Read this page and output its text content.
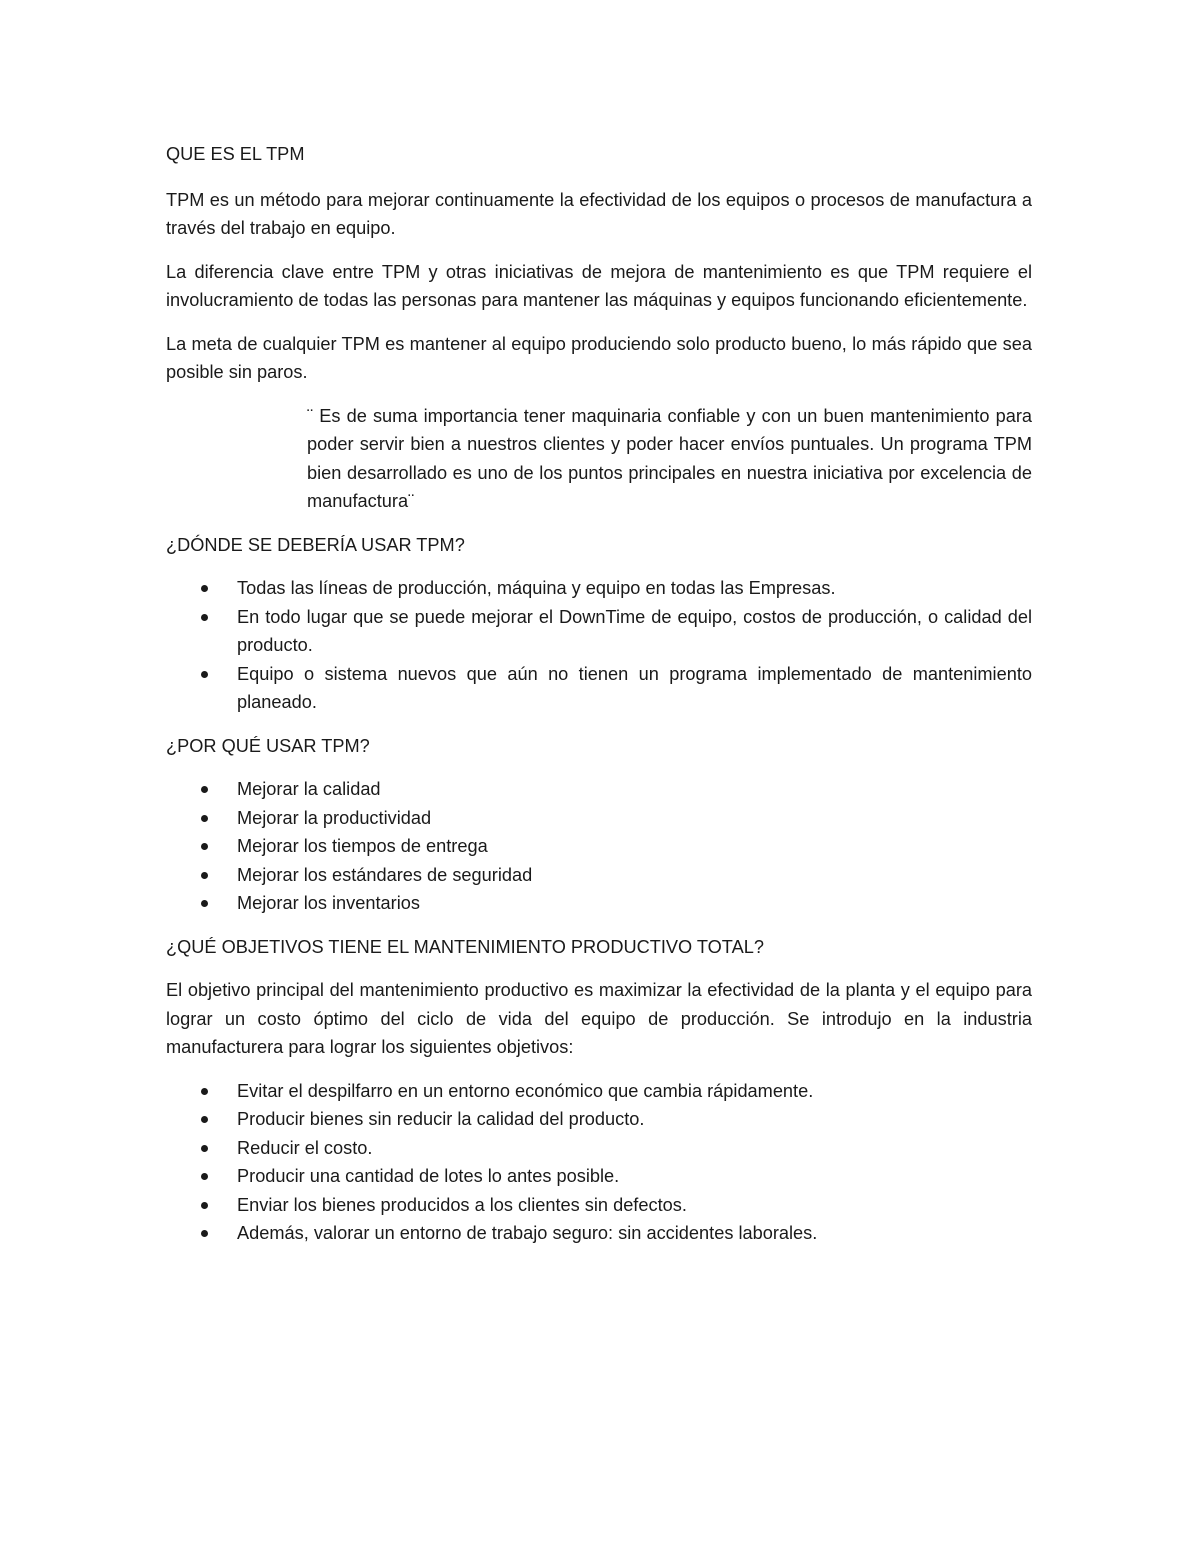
QUE ES EL TPM

TPM es un método para mejorar continuamente la efectividad de los equipos o procesos de manufactura a través del trabajo en equipo.

La diferencia clave entre TPM y otras iniciativas de mejora de mantenimiento es que TPM requiere el involucramiento de todas las personas para mantener las máquinas y equipos funcionando eficientemente.

La meta de cualquier TPM es mantener al equipo produciendo solo producto bueno, lo más rápido que sea posible sin paros.

¨ Es de suma importancia tener maquinaria confiable y con un buen mantenimiento para poder servir bien a nuestros clientes y poder hacer envíos puntuales. Un programa TPM bien desarrollado es uno de los puntos principales en nuestra iniciativa por excelencia de manufactura¨

¿DÓNDE SE DEBERÍA USAR TPM?
Todas las líneas de producción, máquina y equipo en todas las Empresas.
En todo lugar que se puede mejorar el DownTime de equipo, costos de producción, o calidad del producto.
Equipo o sistema nuevos que aún no tienen un programa implementado de mantenimiento planeado.
¿POR QUÉ USAR TPM?
Mejorar la calidad
Mejorar la productividad
Mejorar los tiempos de entrega
Mejorar los estándares de seguridad
Mejorar los inventarios
¿QUÉ OBJETIVOS TIENE EL MANTENIMIENTO PRODUCTIVO TOTAL?

El objetivo principal del mantenimiento productivo es maximizar la efectividad de la planta y el equipo para lograr un costo óptimo del ciclo de vida del equipo de producción. Se introdujo en la industria manufacturera para lograr los siguientes objetivos:

Evitar el despilfarro en un entorno económico que cambia rápidamente.
Producir bienes sin reducir la calidad del producto.
Reducir el costo.
Producir una cantidad de lotes lo antes posible.
Enviar los bienes producidos a los clientes sin defectos.
Además, valorar un entorno de trabajo seguro: sin accidentes laborales.
